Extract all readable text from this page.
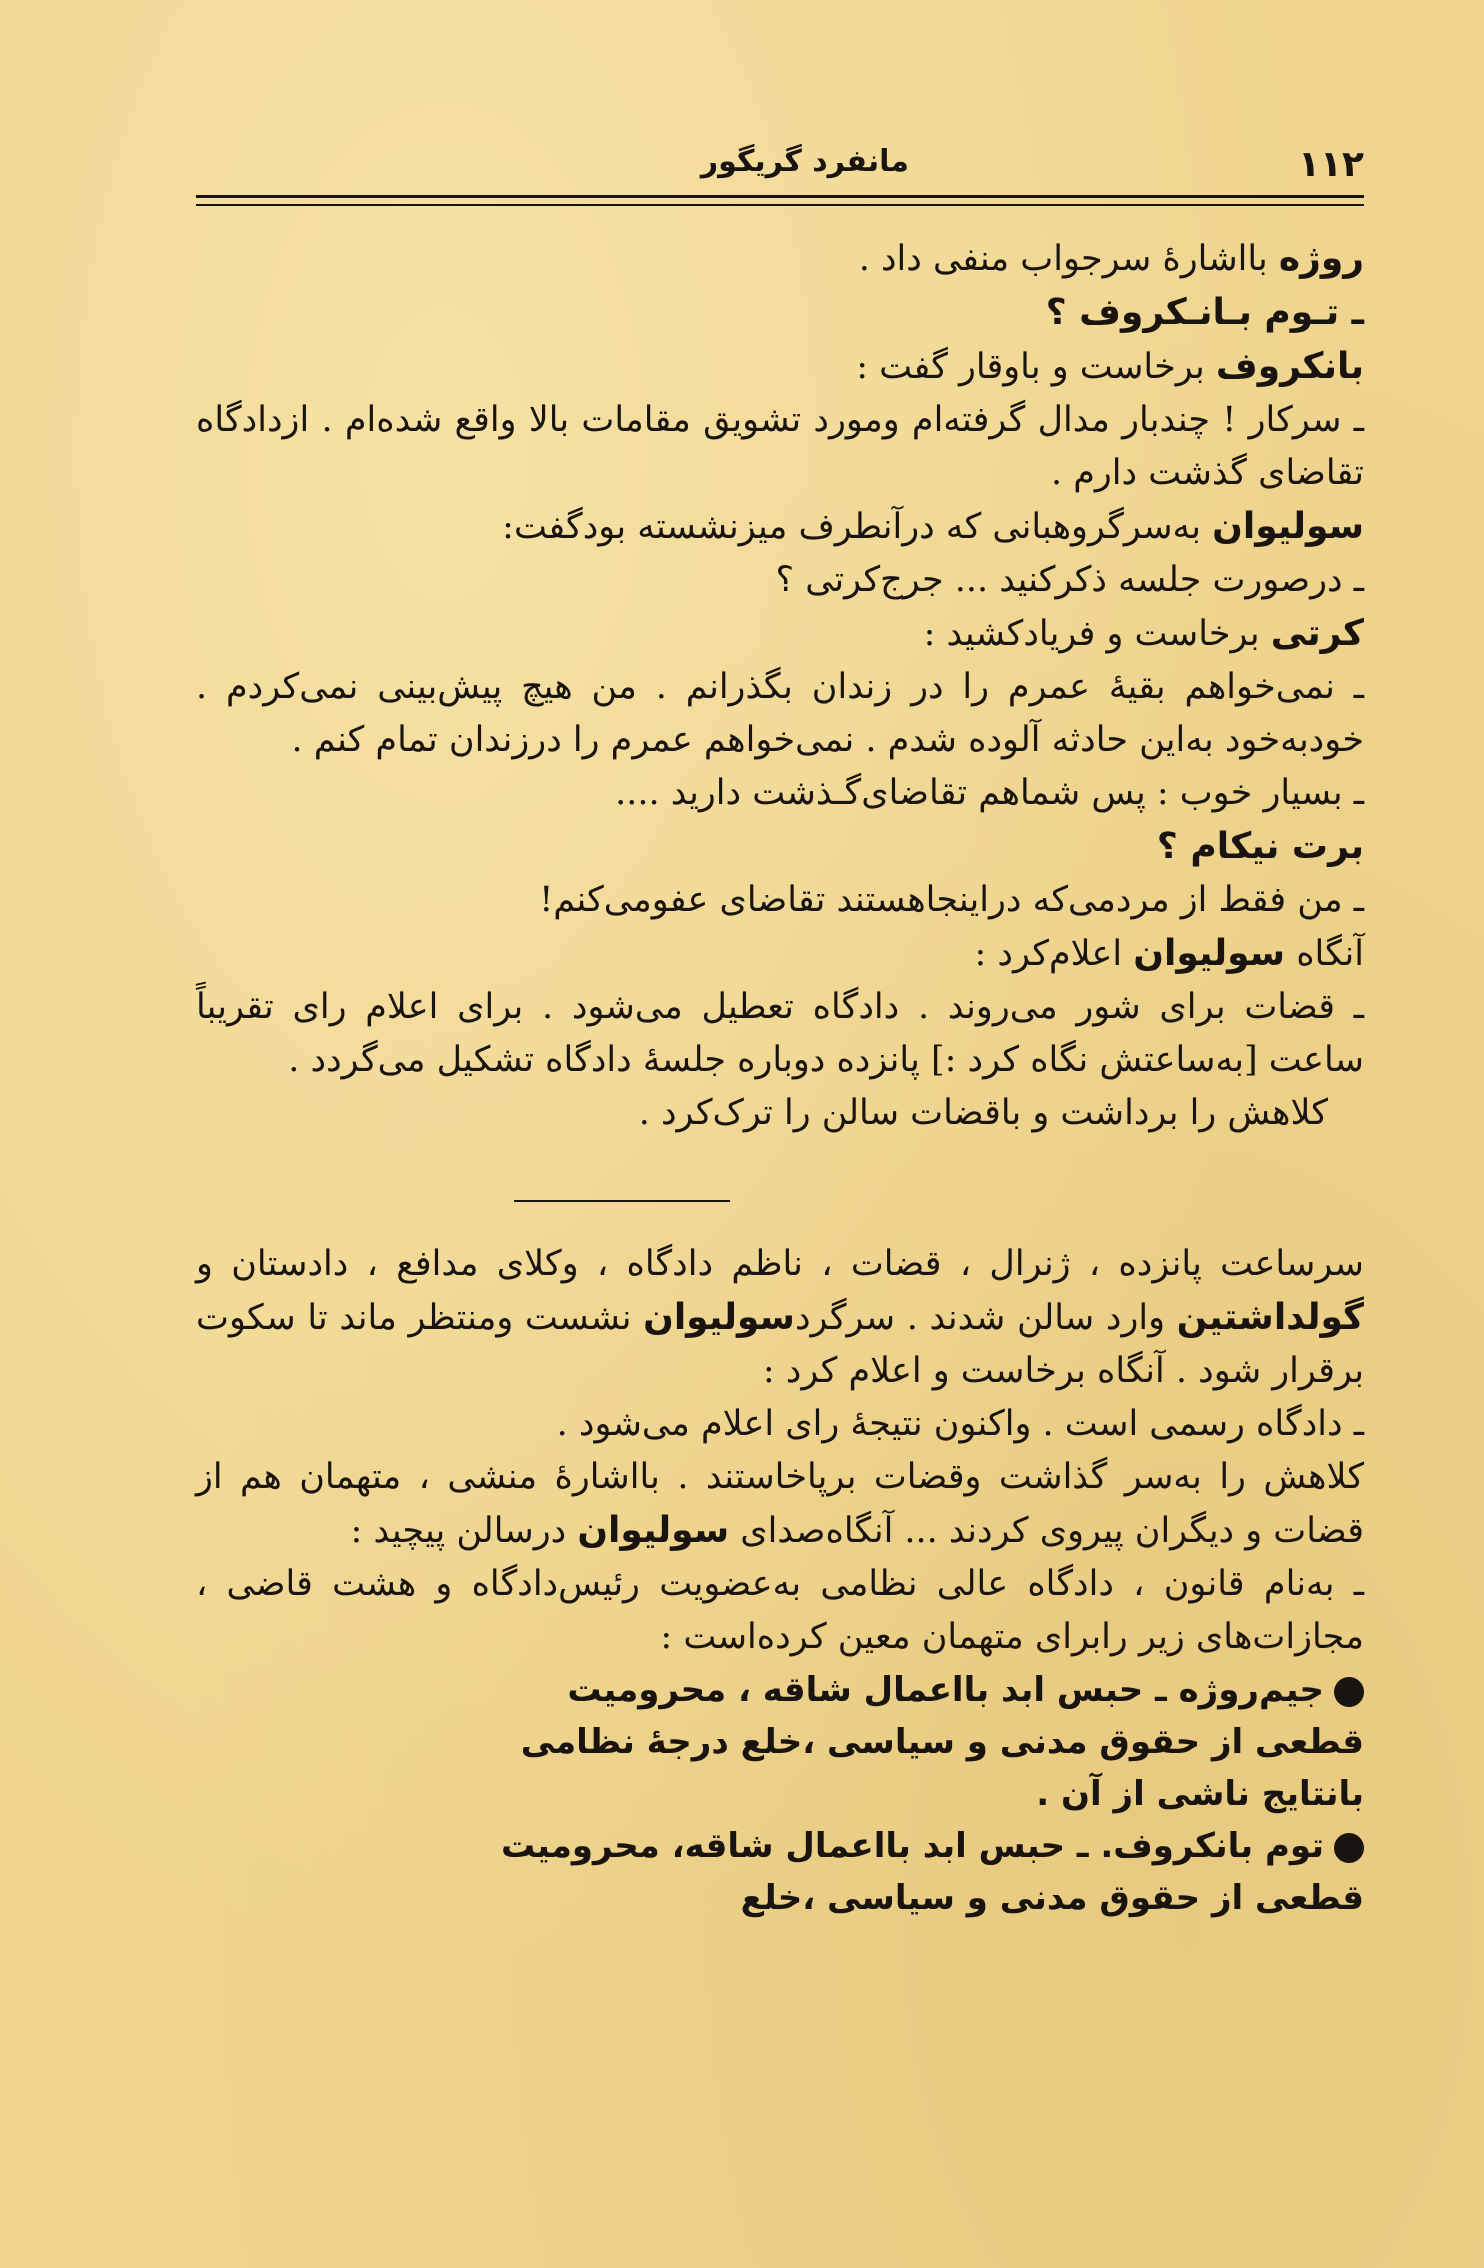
۱۱۲
مانفرد گریگور

روژه بااشارهٔ سرجواب منفی داد .

ـ تـوم بـانـکروف ؟

بانکروف برخاست و باوقار گفت :

ـ سرکار ! چندبار مدال گرفته‌ام ومورد تشویق مقامات بالا واقع شده‌ام . ازدادگاه تقاضای گذشت دارم .

سولیوان به‌سرگروهبانی که درآنطرف میزنشسته بودگفت:

ـ درصورت جلسه ذکرکنید ... جرج‌کرتی ؟

کرتی برخاست و فریادکشید :

ـ نمی‌خواهم بقیهٔ عمرم را در زندان بگذرانم . من هیچ پیش‌بینی نمی‌کردم . خودبه‌خود به‌این حادثه آلوده شدم . نمی‌خواهم عمرم را درزندان تمام کنم .

ـ بسیار خوب : پس شماهم تقاضای‌گـذشت دارید ....

برت نیکام ؟

ـ من فقط از مردمی‌که دراینجاهستند تقاضای عفومی‌کنم!

آنگاه سولیوان اعلام‌کرد :

ـ قضات برای شور می‌روند . دادگاه تعطیل می‌شود . برای اعلام رای تقریباً ساعت [به‌ساعتش نگاه کرد :] پانزده دوباره جلسهٔ دادگاه تشکیل می‌گردد .

کلاهش را برداشت و باقضات سالن را ترک‌کرد .

سرساعت پانزده ، ژنرال ، قضات ، ناظم دادگاه ، وکلای مدافع ، دادستان و گولداشتین وارد سالن شدند . سرگردسولیوان نشست ومنتظر ماند تا سکوت برقرار شود . آنگاه برخاست و اعلام کرد :

ـ دادگاه رسمی است . واکنون نتیجهٔ رای اعلام می‌شود .

کلاهش را به‌سر گذاشت وقضات برپاخاستند . بااشارهٔ منشی ، متهمان هم از قضات و دیگران پیروی کردند ... آنگاه‌صدای سولیوان درسالن پیچید :

ـ به‌نام قانون ، دادگاه عالی نظامی به‌عضویت رئیس‌دادگاه و هشت قاضی ، مجازات‌های زیر رابرای متهمان معین کرده‌است :

جیم‌روژه ـ حبس ابد بااعمال شاقه ، محرومیت قطعی از حقوق مدنی و سیاسی ،خلع درجهٔ نظامی بانتایج ناشی از آن .

توم بانکروف. ـ حبس ابد بااعمال شاقه، محرومیت قطعی از حقوق مدنی و سیاسی ،خلع
